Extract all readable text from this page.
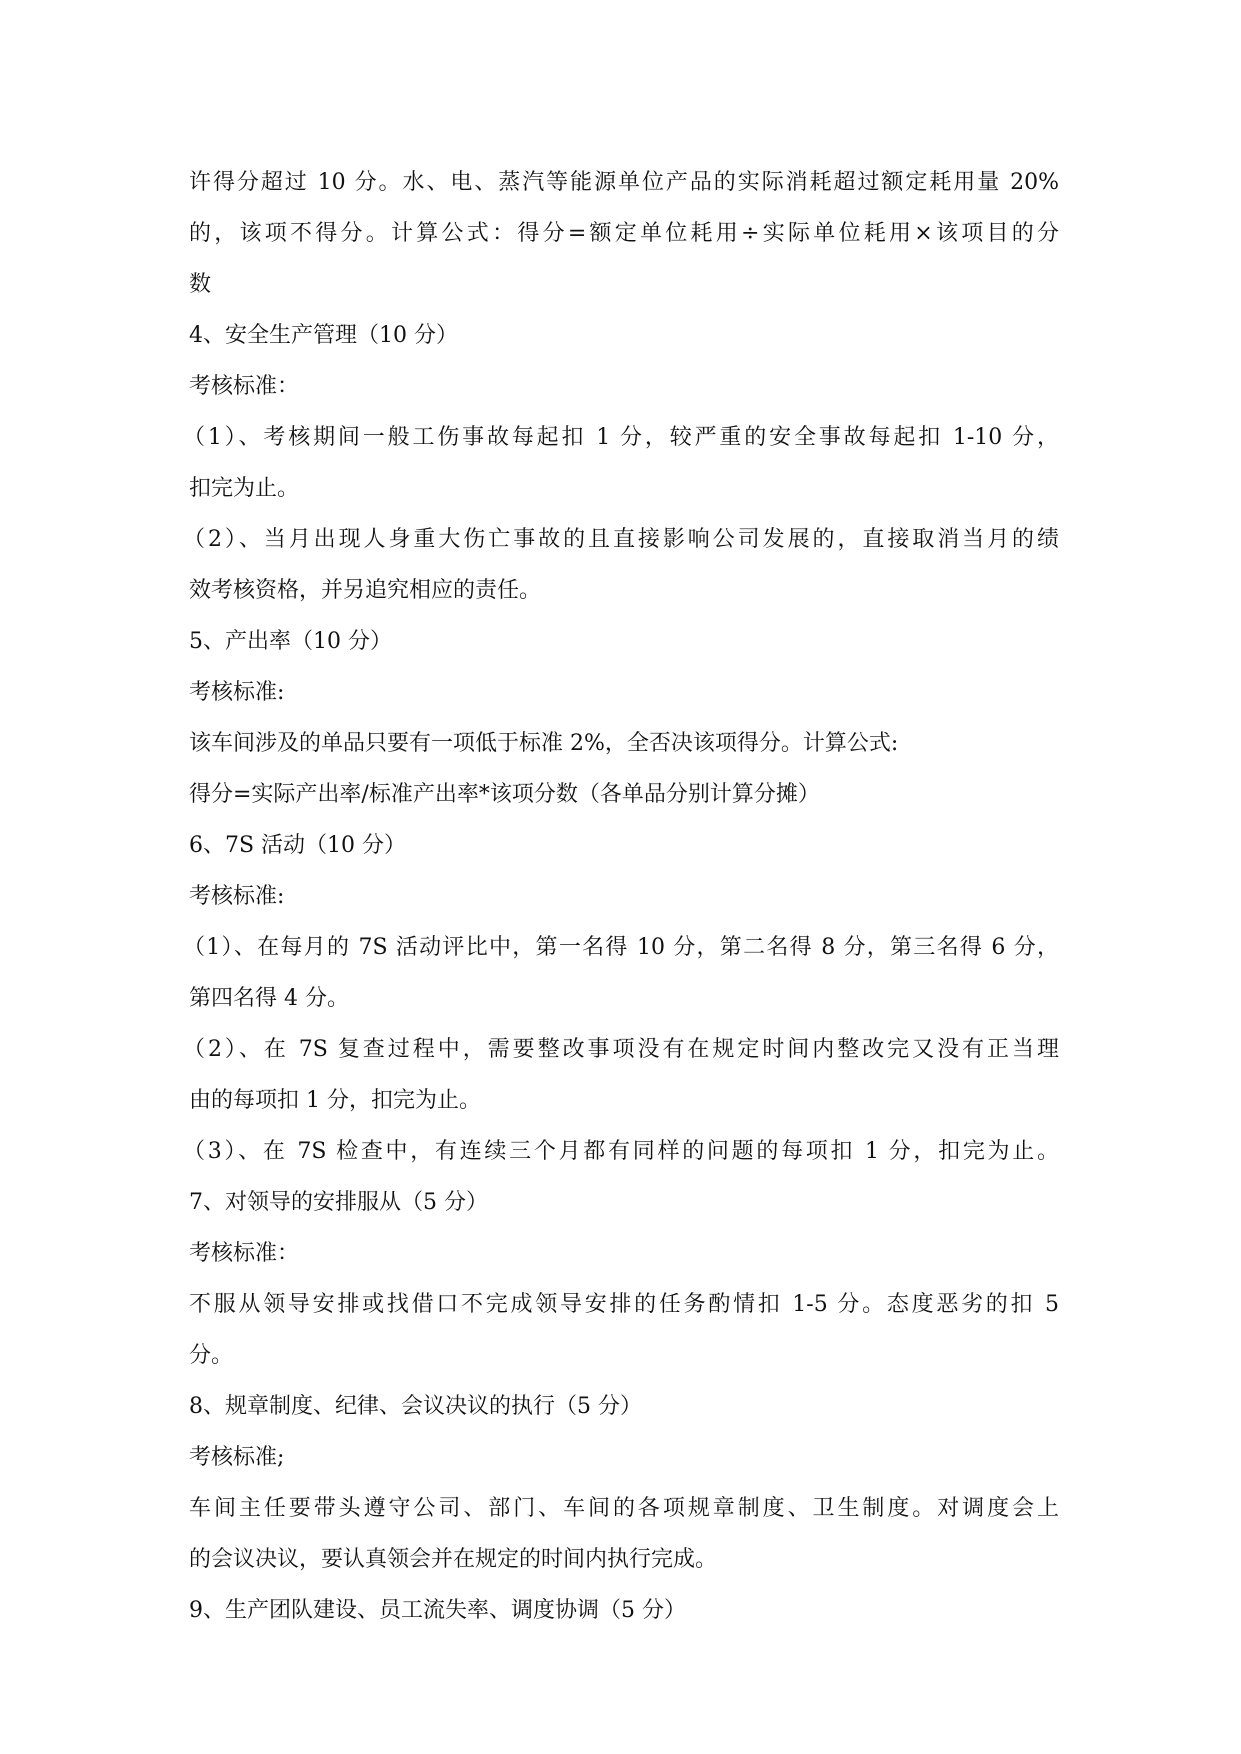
许得分超过 10 分。水、电、蒸汽等能源单位产品的实际消耗超过额定耗用量 20%
的，该项不得分。计算公式：得分=额定单位耗用÷实际单位耗用×该项目的分
数
4、安全生产管理（10 分）
考核标准：
（1）、考核期间一般工伤事故每起扣 1 分，较严重的安全事故每起扣 1-10 分，
扣完为止。
（2）、当月出现人身重大伤亡事故的且直接影响公司发展的，直接取消当月的绩
效考核资格，并另追究相应的责任。
5、产出率（10 分）
考核标准:
该车间涉及的单品只要有一项低于标准 2%，全否决该项得分。计算公式:
得分=实际产出率/标准产出率*该项分数（各单品分别计算分摊）
6、7S 活动（10 分）
考核标准:
（1）、在每月的 7S 活动评比中，第一名得 10 分，第二名得 8 分，第三名得 6 分，
第四名得 4 分。
（2）、在 7S 复查过程中，需要整改事项没有在规定时间内整改完又没有正当理
由的每项扣 1 分，扣完为止。
（3）、在 7S 检查中，有连续三个月都有同样的问题的每项扣 1 分，扣完为止。
7、对领导的安排服从（5 分）
考核标准：
不服从领导安排或找借口不完成领导安排的任务酌情扣 1-5 分。态度恶劣的扣 5
分。
8、规章制度、纪律、会议决议的执行（5 分）
考核标准;
车间主任要带头遵守公司、部门、车间的各项规章制度、卫生制度。对调度会上
的会议决议，要认真领会并在规定的时间内执行完成。
9、生产团队建设、员工流失率、调度协调（5 分）
